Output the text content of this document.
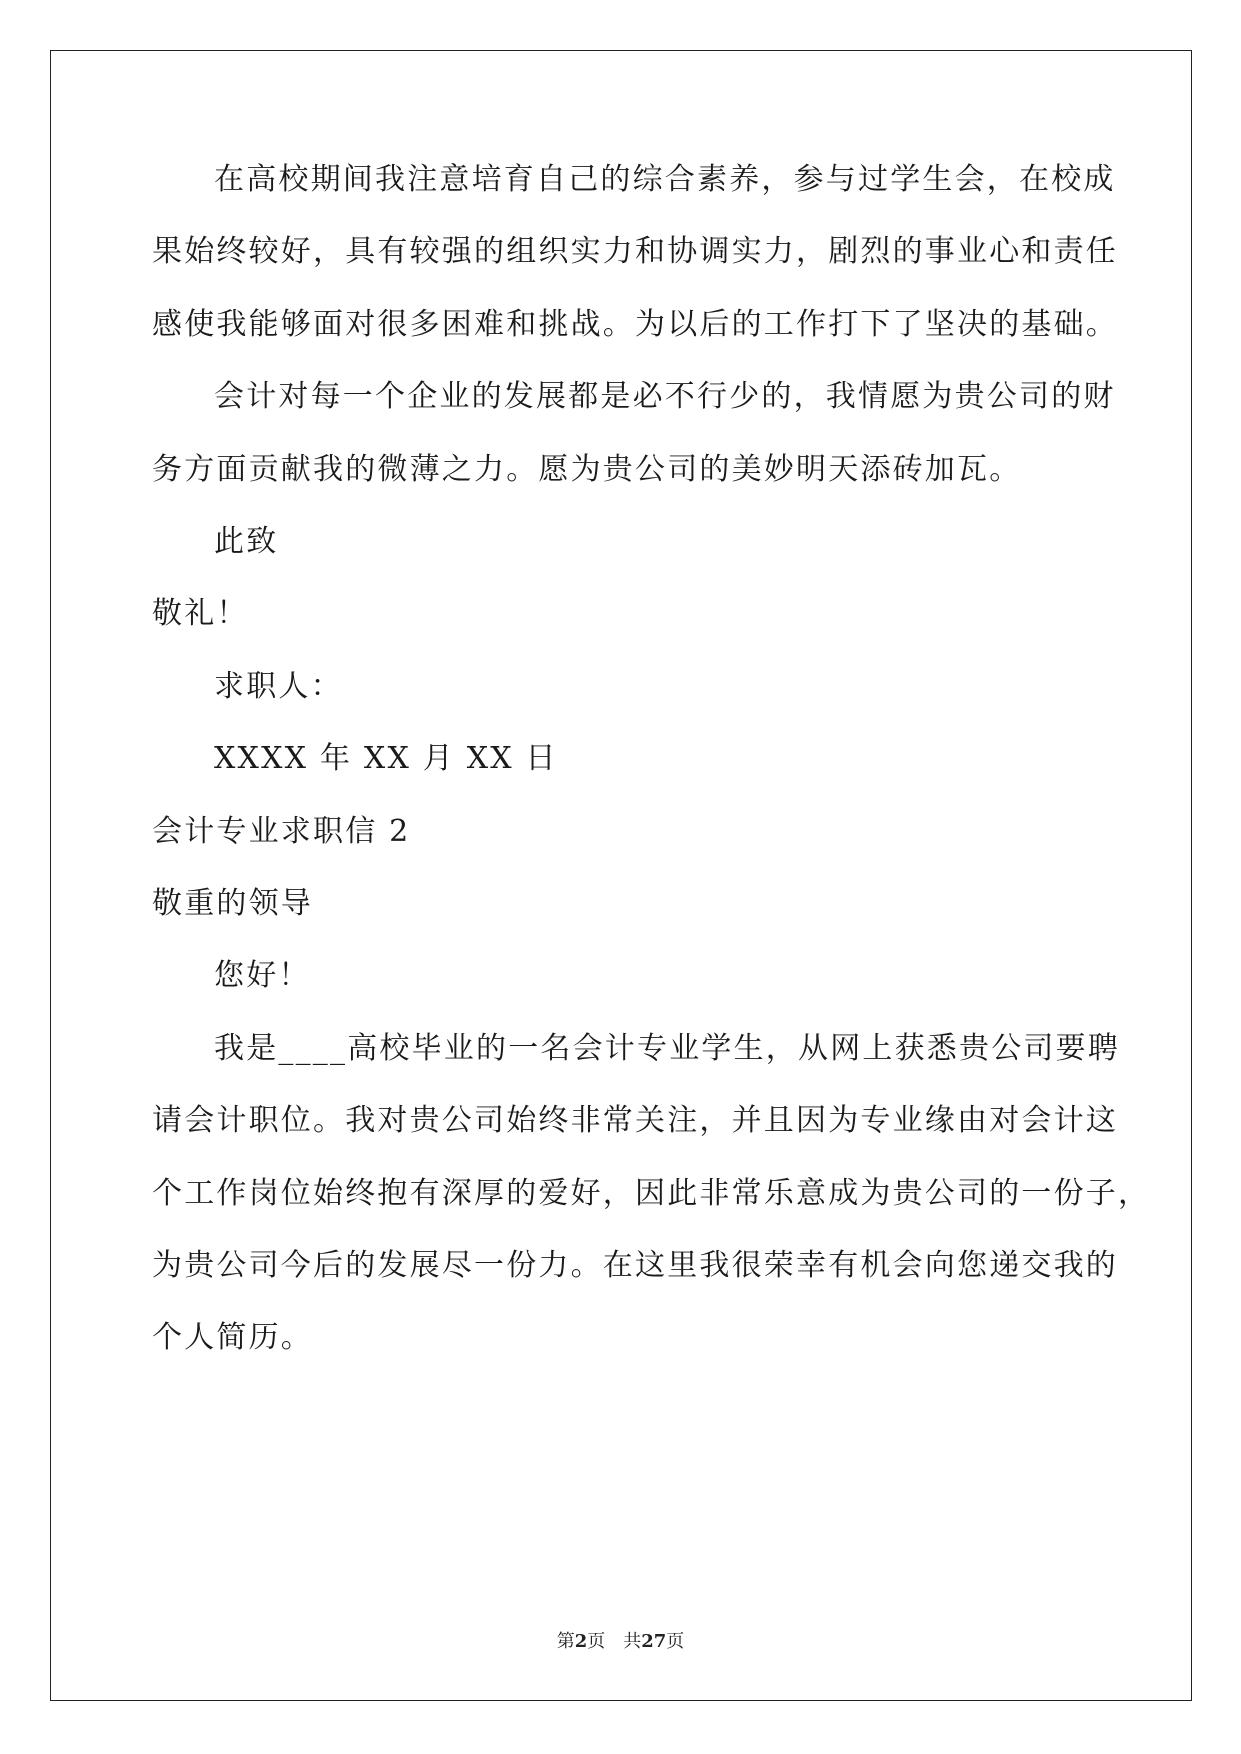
在高校期间我注意培育自己的综合素养，参与过学生会，在校成
果始终较好，具有较强的组织实力和协调实力，剧烈的事业心和责任
感使我能够面对很多困难和挑战。为以后的工作打下了坚决的基础。
会计对每一个企业的发展都是必不行少的，我情愿为贵公司的财
务方面贡献我的微薄之力。愿为贵公司的美妙明天添砖加瓦。
此致
敬礼！
求职人：
XXXX 年 XX 月 XX 日
会计专业求职信 2
敬重的领导
您好！
我是____高校毕业的一名会计专业学生，从网上获悉贵公司要聘
请会计职位。我对贵公司始终非常关注，并且因为专业缘由对会计这
个工作岗位始终抱有深厚的爱好，因此非常乐意成为贵公司的一份子，
为贵公司今后的发展尽一份力。在这里我很荣幸有机会向您递交我的
个人简历。
第2页 共27页
